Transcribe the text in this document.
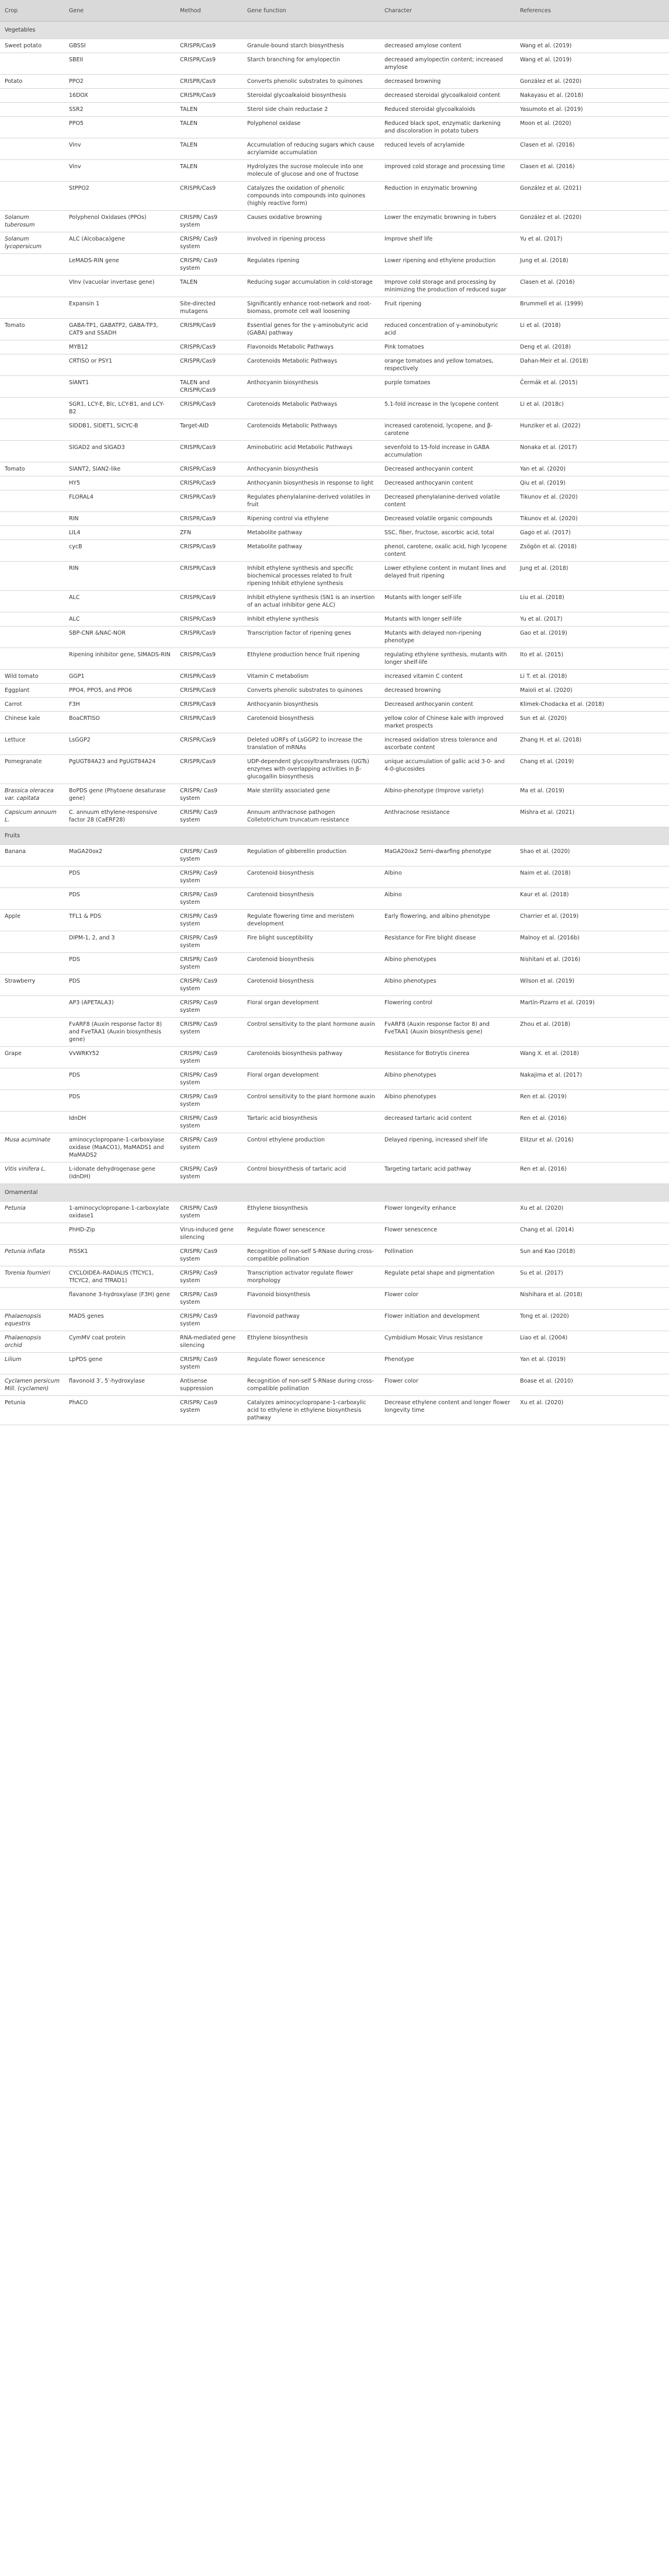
Crop	Gene	Method	Gene function	Character	References
Vegetables					
Sweet potato	GBSSI	CRISPR/Cas9	Granule-bound starch biosynthesis	decreased amylose content	Wang et al. (2019)
	SBEII	CRISPR/Cas9	Starch branching for amylopectin	decreased amylopectin content; increased amylose	Wang et al. (2019)
Potato	PPO2	CRISPR/Cas9	Converts phenolic substrates to quinones	decreased browning	González et al. (2020)
	16DOX	CRISPR/Cas9	Steroidal glycoalkaloid biosynthesis	decreased steroidal glycoalkaloid content	Nakayasu et al. (2018)
	SSR2	TALEN	Sterol side chain reductase 2	Reduced steroidal glycoalkaloids	Yasumoto et al. (2019)
	PPO5	TALEN	Polyphenol oxidase	Reduced black spot, enzymatic darkening and discoloration in potato tubers	Moon et al. (2020)
	Vinv	TALEN	Accumulation of reducing sugars which cause acrylamide accumulation	reduced levels of acrylamide	Clasen et al. (2016)
	Vinv	TALEN	Hydrolyzes the sucrose molecule into one molecule of glucose and one of fructose	improved cold storage and processing time	Clasen et al. (2016)
	StPPO2	CRISPR/Cas9	Catalyzes the oxidation of phenolic compounds into compounds into quinones (highly reactive form)	Reduction in enzymatic browning	González et al. (2021)
Solanum tuberosum	Polyphenol Oxidases (PPOs)	CRISPR/ Cas9 system	Causes oxidative browning	Lower the enzymatic browning in tubers	González et al. (2020)
Solanum lycopersicum	ALC (Alcobaca)gene	CRISPR/ Cas9 system	Involved in ripening process	Improve shelf life	Yu et al. (2017)
	LeMADS-RIN gene	CRISPR/ Cas9 system	Regulates ripening	Lower ripening and ethylene production	Jung et al. (2018)
	VInv (vacuolar invertase gene)	TALEN	Reducing sugar accumulation in cold-storage	Improve cold storage and processing by minimizing the production of reduced sugar	Clasen et al. (2016)
	Expansin 1	Site-directed mutagens	Significantly enhance root-network and root-biomass, promote cell wall loosening	Fruit ripening	Brummell et al. (1999)
Tomato	GABA-TP1, GABATP2, GABA-TP3, CAT9 and SSADH	CRISPR/Cas9	Essential genes for the γ-aminobutyric acid (GABA) pathway	reduced concentration of γ-aminobutyric acid	Li et al. (2018)
	MYB12	CRISPR/Cas9	Flavonoids Metabolic Pathways	Pink tomatoes	Deng et al. (2018)
	CRTISO or PSY1	CRISPR/Cas9	Carotenoids Metabolic Pathways	orange tomatoes and yellow tomatoes, respectively	Dahan-Meir et al. (2018)
	SlANT1	TALEN and CRISPR/Cas9	Anthocyanin biosynthesis	purple tomatoes	Čermák et al. (2015)
	SGR1, LCY-E, Blc, LCY-B1, and LCY-B2	CRISPR/Cas9	Carotenoids Metabolic Pathways	5.1-fold increase in the lycopene content	Li et al. (2018c)
	SlDDB1, SlDET1, SlCYC-B	Target-AID	Carotenoids Metabolic Pathways	increased carotenoid, lycopene, and β-carotene	Hunziker et al. (2022)
	SlGAD2 and SlGAD3	CRISPR/Cas9	Aminobutiric acid Metabolic Pathways	sevenfold to 15-fold increase in GABA accumulation	Nonaka et al. (2017)
Tomato	SlANT2, SlAN2-like	CRISPR/Cas9	Anthocyanin biosynthesis	Decreased anthocyanin content	Yan et al. (2020)
	HY5	CRISPR/Cas9	Anthocyanin biosynthesis in response to light	Decreased anthocyanin content	Qiu et al. (2019)
	FLORAL4	CRISPR/Cas9	Regulates phenylalanine-derived volatiles in fruit	Decreased phenylalanine-derived volatile content	Tikunov et al. (2020)
	RIN	CRISPR/Cas9	Ripening control via ethylene	Decreased volatile organic compounds	Tikunov et al. (2020)
	LIL4	ZFN	Metabolite pathway	SSC, fiber, fructose, ascorbic acid, total	Gago et al. (2017)
	cycB	CRISPR/Cas9	Metabolite pathway	phenol, carotene, oxalic acid, high lycopene content	Zsögön et al. (2018)
	RIN	CRISPR/Cas9	Inhibit ethylene synthesis and specific biochemical processes related to fruit ripening Inhibit ethylene synthesis	Lower ethylene content in mutant lines and delayed fruit ripening	Jung et al. (2018)
	ALC	CRISPR/Cas9	Inhibit ethylene synthesis (SN1 is an insertion of an actual inhibitor gene ALC)	Mutants with longer self-life	Liu et al. (2018)
	ALC	CRISPR/Cas9	Inhibit ethylene synthesis	Mutants with longer self-life	Yu et al. (2017)
	SBP-CNR &NAC-NOR	CRISPR/Cas9	Transcription factor of ripening genes	Mutants with delayed non-ripening phenotype	Gao et al. (2019)
	Ripening inhibitor gene, SlMADS-RIN	CRISPR/Cas9	Ethylene production hence fruit ripening	regulating ethylene synthesis, mutants with longer shelf-life	Ito et al. (2015)
Wild tomato	GGP1	CRISPR/Cas9	Vitamin C metabolism	increased vitamin C content	Li T. et al. (2018)
Eggplant	PPO4, PPO5, and PPO6	CRISPR/Cas9	Converts phenolic substrates to quinones	decreased browning	Maioli et al. (2020)
Carrot	F3H	CRISPR/Cas9	Anthocyanin biosynthesis	Decreased anthocyanin content	Klimek-Chodacka et al. (2018)
Chinese kale	BoaCRTISO	CRISPR/Cas9	Carotenoid biosynthesis	yellow color of Chinese kale with improved market prospects	Sun et al. (2020)
Lettuce	LsGGP2	CRISPR/Cas9	Deleted uORFs of LsGGP2 to increase the translation of mRNAs	increased oxidation stress tolerance and ascorbate content	Zhang H. et al. (2018)
Pomegranate	PgUGT84A23 and PgUGT84A24	CRISPR/Cas9	UDP-dependent glycosyltransferases (UGTs) enzymes with overlapping activities in β-glucogallin biosynthesis	unique accumulation of gallic acid 3-0- and 4-0-glucosides	Chang et al. (2019)
Brassica oleracea var. capitata	BoPDS gene (Phytoene desaturase gene)	CRISPR/ Cas9 system	Male sterility associated gene	Albino-phenotype (Improve variety)	Ma et al. (2019)
Capsicum annuum L.	C. annuum ethylene-responsive factor 28 (CaERF28)	CRISPR/ Cas9 system	Annuum anthracnose pathogen Colletotrichum truncatum resistance	Anthracnose resistance	Mishra et al. (2021)
Fruits					
Banana	MaGA20ox2	CRISPR/ Cas9 system	Regulation of gibberellin production	MaGA20ox2 Semi-dwarfing phenotype	Shao et al. (2020)
	PDS	CRISPR/ Cas9 system	Carotenoid biosynthesis	Albino	Naim et al. (2018)
	PDS	CRISPR/ Cas9 system	Carotenoid biosynthesis	Albino	Kaur et al. (2018)
Apple	TFL1 & PDS	CRISPR/ Cas9 system	Regulate flowering time and meristem development	Early flowering, and albino phenotype	Charrier et al. (2019)
	DIPM-1, 2, and 3	CRISPR/ Cas9 system	Fire blight susceptibility	Resistance for Fire blight disease	Malnoy et al. (2016b)
	PDS	CRISPR/ Cas9 system	Carotenoid biosynthesis	Albino phenotypes	Nishitani et al. (2016)
Strawberry	PDS	CRISPR/ Cas9 system	Carotenoid biosynthesis	Albino phenotypes	Wilson et al. (2019)
	AP3 (APETALA3)	CRISPR/ Cas9 system	Floral organ development	Flowering control	Martín-Pizarro et al. (2019)
	FvARF8 (Auxin response factor 8) and FveTAA1 (Auxin biosynthesis gene)	CRISPR/ Cas9 system	Control sensitivity to the plant hormone auxin	FvARF8 (Auxin response factor 8) and FveTAA1 (Auxin biosynthesis gene)	Zhou et al. (2018)
Grape	VvWRKY52	CRISPR/ Cas9 system	Carotenoids biosynthesis pathway	Resistance for Botrytis cinerea	Wang X. et al. (2018)
	PDS	CRISPR/ Cas9 system	Floral organ development	Albino phenotypes	Nakajima et al. (2017)
	PDS	CRISPR/ Cas9 system	Control sensitivity to the plant hormone auxin	Albino phenotypes	Ren et al. (2019)
	IdnDH	CRISPR/ Cas9 system	Tartaric acid biosynthesis	decreased tartaric acid content	Ren et al. (2016)
Musa acuminate	aminocyclopropane-1-carboxylase oxidase (MaACO1), MaMADS1 and MaMADS2	CRISPR/ Cas9 system	Control ethylene production	Delayed ripening, increased shelf life	Elitzur et al. (2016)
Vitis vinifera L.	L-idonate dehydrogenase gene (IdnDH)	CRISPR/ Cas9 system	Control biosynthesis of tartaric acid	Targeting tartaric acid pathway	Ren et al. (2016)
Ornamental					
Petunia	1-aminocyclopropane-1-carboxylate oxidase1	CRISPR/ Cas9 system	Ethylene biosynthesis	Flower longevity enhance	Xu et al. (2020)
	PhHD-Zip	Virus-induced gene silencing	Regulate flower senescence	Flower senescence	Chang et al. (2014)
Petunia inflata	PiSSK1	CRISPR/ Cas9 system	Recognition of non-self S-RNase during cross-compatible pollination	Pollination	Sun and Kao (2018)
Torenia fournieri	CYCLOIDEA–RADIALIS (TfCYC1, TfCYC2, and TfRAD1)	CRISPR/ Cas9 system	Transcription activator regulate flower morphology	Regulate petal shape and pigmentation	Su et al. (2017)
	flavanone 3-hydroxylase (F3H) gene	CRISPR/ Cas9 system	Flavonoid biosynthesis	Flower color	Nishihara et al. (2018)
Phalaenopsis equestris	MADS genes	CRISPR/ Cas9 system	Flavonoid pathway	Flower initiation and development	Tong et al. (2020)
Phalaenopsis orchid	CymMV coat protein	RNA-mediated gene silencing	Ethylene biosynthesis	Cymbidium Mosaic Virus resistance	Liao et al. (2004)
Lilium	LpPDS gene	CRISPR/ Cas9 system	Regulate flower senescence	Phenotype	Yan et al. (2019)
Cyclamen persicum Mill. (cyclamen)	flavonoid 3′, 5′-hydroxylase	Antisense suppression	Recognition of non-self S-RNase during cross-compatible pollination	Flower color	Boase et al. (2010)
Petunia	PhACO	CRISPR/ Cas9 system	Catalyzes aminocyclopropane-1-carboxylic acid to ethylene in ethylene biosynthesis pathway	Decrease ethylene content and longer flower longevity time	Xu et al. (2020)
